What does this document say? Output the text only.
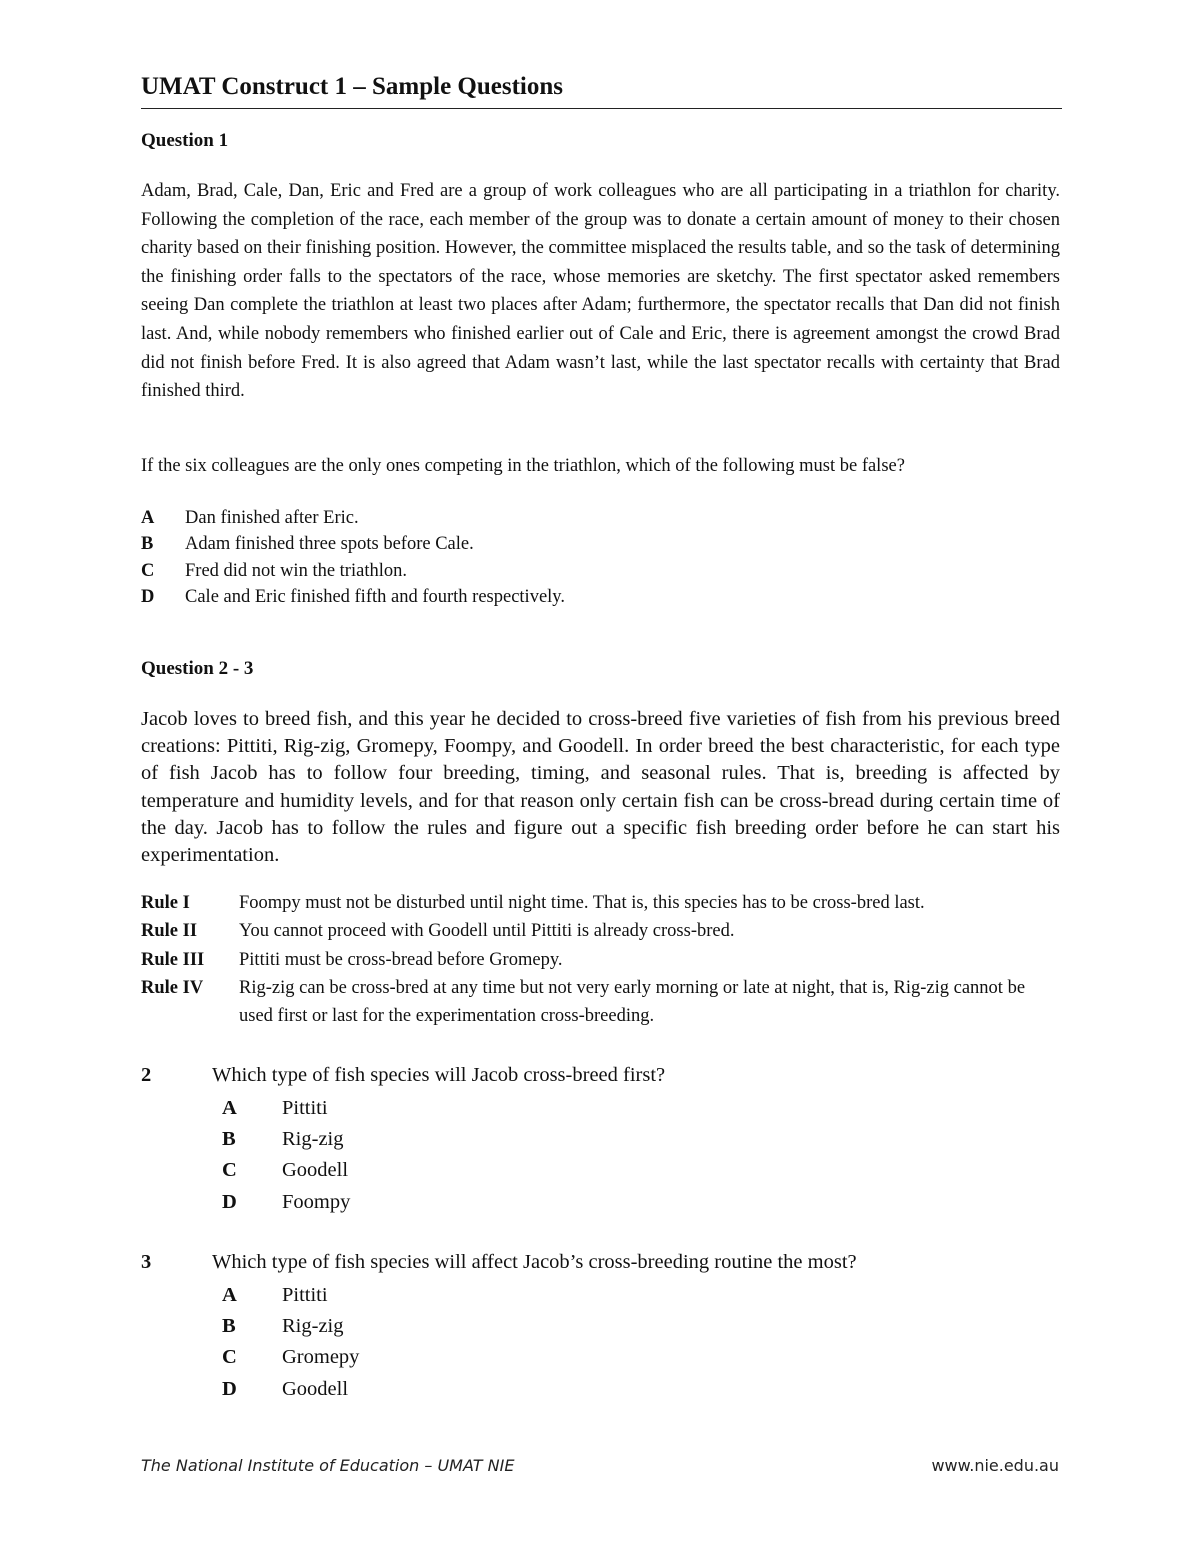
UMAT Construct 1 – Sample Questions
Question 1

Adam, Brad, Cale, Dan, Eric and Fred are a group of work colleagues who are all participating in a triathlon for charity. Following the completion of the race, each member of the group was to donate a certain amount of money to their chosen charity based on their finishing position. However, the committee misplaced the results table, and so the task of determining the finishing order falls to the spectators of the race, whose memories are sketchy. The first spectator asked remembers seeing Dan complete the triathlon at least two places after Adam; furthermore, the spectator recalls that Dan did not finish last. And, while nobody remembers who finished earlier out of Cale and Eric, there is agreement amongst the crowd Brad did not finish before Fred. It is also agreed that Adam wasn’t last, while the last spectator recalls with certainty that Brad finished third.

If the six colleagues are the only ones competing in the triathlon, which of the following must be false?

A	Dan finished after Eric.
B	Adam finished three spots before Cale.
C	Fred did not win the triathlon.
D	Cale and Eric finished fifth and fourth respectively.
Question 2 - 3

Jacob loves to breed fish, and this year he decided to cross-breed five varieties of fish from his previous breed creations: Pittiti, Rig-zig, Gromepy, Foompy, and Goodell. In order breed the best characteristic, for each type of fish Jacob has to follow four breeding, timing, and seasonal rules. That is, breeding is affected by temperature and humidity levels, and for that reason only certain fish can be cross-bread during certain time of the day. Jacob has to follow the rules and figure out a specific fish breeding order before he can start his experimentation.

Rule I	Foompy must not be disturbed until night time. That is, this species has to be cross-bred last.
Rule II	You cannot proceed with Goodell until Pittiti is already cross-bred.
Rule III	Pittiti must be cross-bread before Gromepy.
Rule IV	Rig-zig can be cross-bred at any time but not very early morning or late at night, that is, Rig-zig cannot be used first or last for the experimentation cross-breeding.
2	Which type of fish species will Jacob cross-breed first?
A	Pittiti
B	Rig-zig
C	Goodell
D	Foompy
3	Which type of fish species will affect Jacob’s cross-breeding routine the most?
A	Pittiti
B	Rig-zig
C	Gromepy
D	Goodell
The National Institute of Education – UMAT NIE	www.nie.edu.au
